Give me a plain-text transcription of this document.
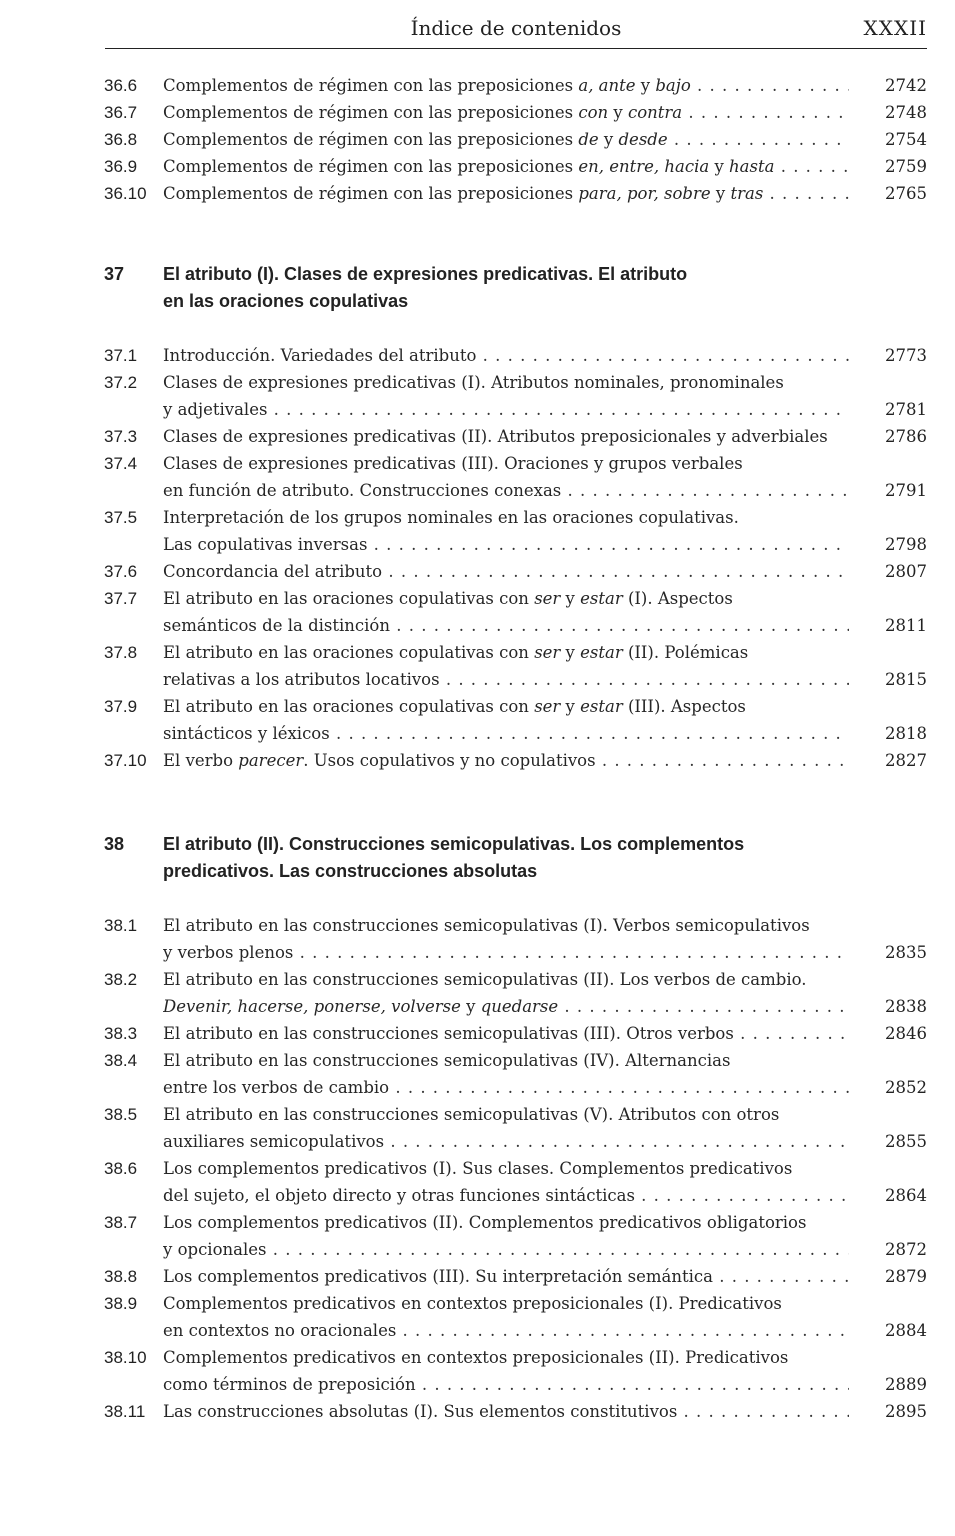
Índice de contenidos	XXXII
36.6 Complementos de régimen con las preposiciones a, ante y bajo . . .	2742
36.7 Complementos de régimen con las preposiciones con y contra . . .	2748
36.8 Complementos de régimen con las preposiciones de y desde . . .	2754
36.9 Complementos de régimen con las preposiciones en, entre, hacia y hasta . . .	2759
36.10 Complementos de régimen con las preposiciones para, por, sobre y tras . . .	2765
37 El atributo (I). Clases de expresiones predicativas. El atributo
en las oraciones copulativas
37.1 Introducción. Variedades del atributo . . .	2773
37.2 Clases de expresiones predicativas (I). Atributos nominales, pronominales
y adjetivales . . .	2781
37.3 Clases de expresiones predicativas (II). Atributos preposicionales y adverbiales	2786
37.4 Clases de expresiones predicativas (III). Oraciones y grupos verbales
en función de atributo. Construcciones conexas . . .	2791
37.5 Interpretación de los grupos nominales en las oraciones copulativas.
Las copulativas inversas . . .	2798
37.6 Concordancia del atributo . . .	2807
37.7 El atributo en las oraciones copulativas con ser y estar (I). Aspectos
semánticos de la distinción . . .	2811
37.8 El atributo en las oraciones copulativas con ser y estar (II). Polémicas
relativas a los atributos locativos . . .	2815
37.9 El atributo en las oraciones copulativas con ser y estar (III). Aspectos
sintácticos y léxicos . . .	2818
37.10 El verbo parecer. Usos copulativos y no copulativos . . .	2827
38 El atributo (II). Construcciones semicopulativas. Los complementos
predicativos. Las construcciones absolutas
38.1 El atributo en las construcciones semicopulativas (I). Verbos semicopulativos
y verbos plenos . . .	2835
38.2 El atributo en las construcciones semicopulativas (II). Los verbos de cambio.
Devenir, hacerse, ponerse, volverse y quedarse . . .	2838
38.3 El atributo en las construcciones semicopulativas (III). Otros verbos . . .	2846
38.4 El atributo en las construcciones semicopulativas (IV). Alternancias
entre los verbos de cambio . . .	2852
38.5 El atributo en las construcciones semicopulativas (V). Atributos con otros
auxiliares semicopulativos . . .	2855
38.6 Los complementos predicativos (I). Sus clases. Complementos predicativos
del sujeto, el objeto directo y otras funciones sintácticas . . .	2864
38.7 Los complementos predicativos (II). Complementos predicativos obligatorios
y opcionales . . .	2872
38.8 Los complementos predicativos (III). Su interpretación semántica . . .	2879
38.9 Complementos predicativos en contextos preposicionales (I). Predicativos
en contextos no oracionales . . .	2884
38.10 Complementos predicativos en contextos preposicionales (II). Predicativos
como términos de preposición . . .	2889
38.11 Las construcciones absolutas (I). Sus elementos constitutivos . . .	2895
